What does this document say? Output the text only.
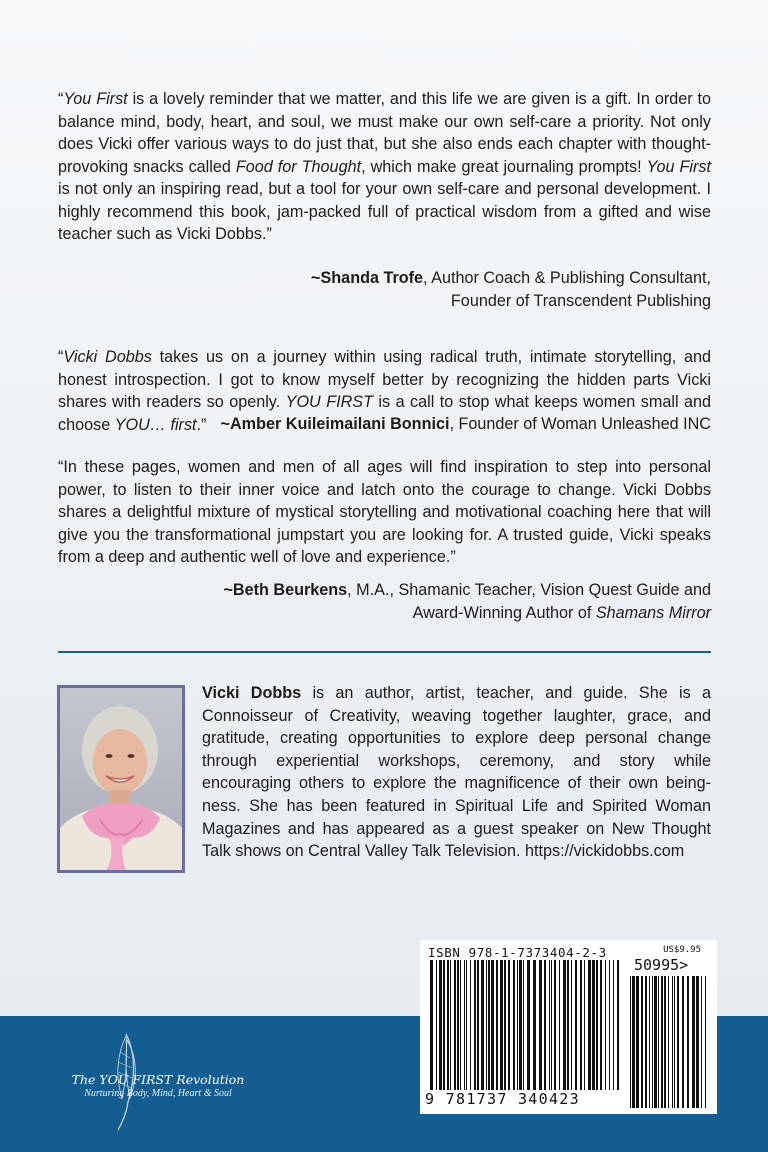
“You First is a lovely reminder that we matter, and this life we are given is a gift. In order to balance mind, body, heart, and soul, we must make our own self-care a priority. Not only does Vicki offer various ways to do just that, but she also ends each chapter with thought-provoking snacks called Food for Thought, which make great journaling prompts! You First is not only an inspiring read, but a tool for your own self-care and personal development. I highly recommend this book, jam-packed full of practical wisdom from a gifted and wise teacher such as Vicki Dobbs.”

~Shanda Trofe, Author Coach & Publishing Consultant,
Founder of Transcendent Publishing

“Vicki Dobbs takes us on a journey within using radical truth, intimate storytelling, and honest introspection. I got to know myself better by recognizing the hidden parts Vicki shares with readers so openly. YOU FIRST is a call to stop what keeps women small and choose YOU… first.” ~Amber Kuileimailani Bonnici, Founder of Woman Unleashed INC

“In these pages, women and men of all ages will find inspiration to step into personal power, to listen to their inner voice and latch onto the courage to change. Vicki Dobbs shares a delightful mixture of mystical storytelling and motivational coaching here that will give you the transformational jumpstart you are looking for. A trusted guide, Vicki speaks from a deep and authentic well of love and experience.”

~Beth Beurkens, M.A., Shamanic Teacher, Vision Quest Guide and
Award-Winning Author of Shamans Mirror

Vicki Dobbs is an author, artist, teacher, and guide. She is a Connoisseur of Creativity, weaving together laughter, grace, and gratitude, creating opportunities to explore deep personal change through experiential workshops, ceremony, and story while encouraging others to explore the magnificence of their own being-ness. She has been featured in Spiritual Life and Spirited Woman Magazines and has appeared as a guest speaker on New Thought Talk shows on Central Valley Talk Television. https://vickidobbs.com

The YOU FIRST Revolution
Nurturing Body, Mind, Heart & Soul
ISBN 978-1-7373404-2-3	US$9.95
50995>
9 781737 340423
